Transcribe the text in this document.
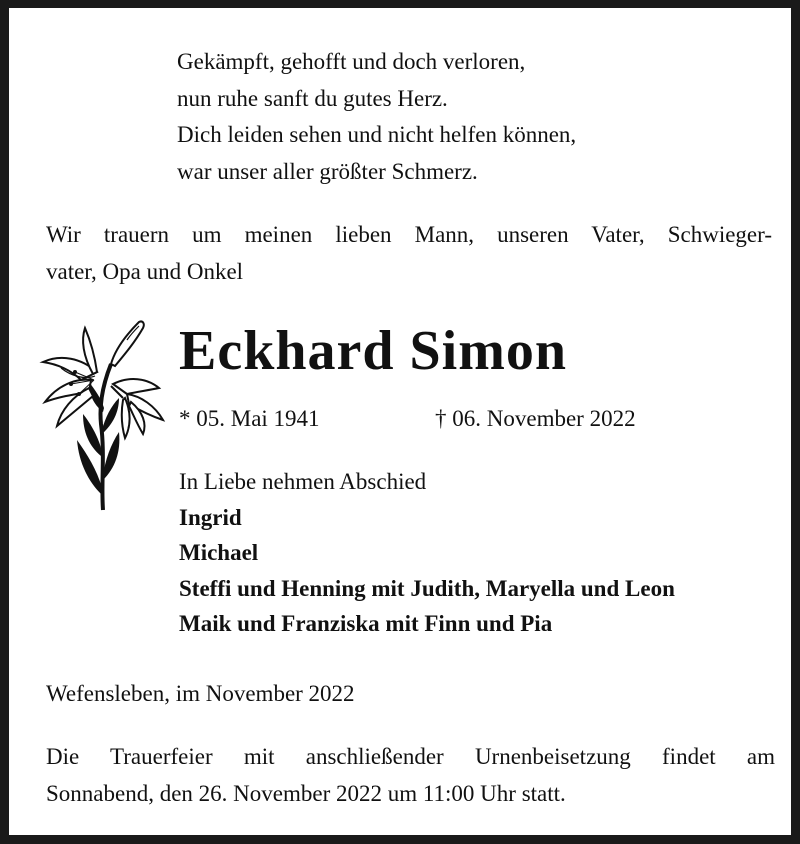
Gekämpft, gehofft und doch verloren,
nun ruhe sanft du gutes Herz.
Dich leiden sehen und nicht helfen können,
war unser aller größter Schmerz.
Wir trauern um meinen lieben Mann, unseren Vater, Schwieger-
vater, Opa und Onkel
Eckhard Simon
* 05. Mai 1941	† 06. November 2022
In Liebe nehmen Abschied
Ingrid
Michael
Steffi und Henning mit Judith, Maryella und Leon
Maik und Franziska mit Finn und Pia
Wefensleben, im November 2022
Die Trauerfeier mit anschließender Urnenbeisetzung findet am
Sonnabend, den 26. November 2022 um 11:00 Uhr statt.
